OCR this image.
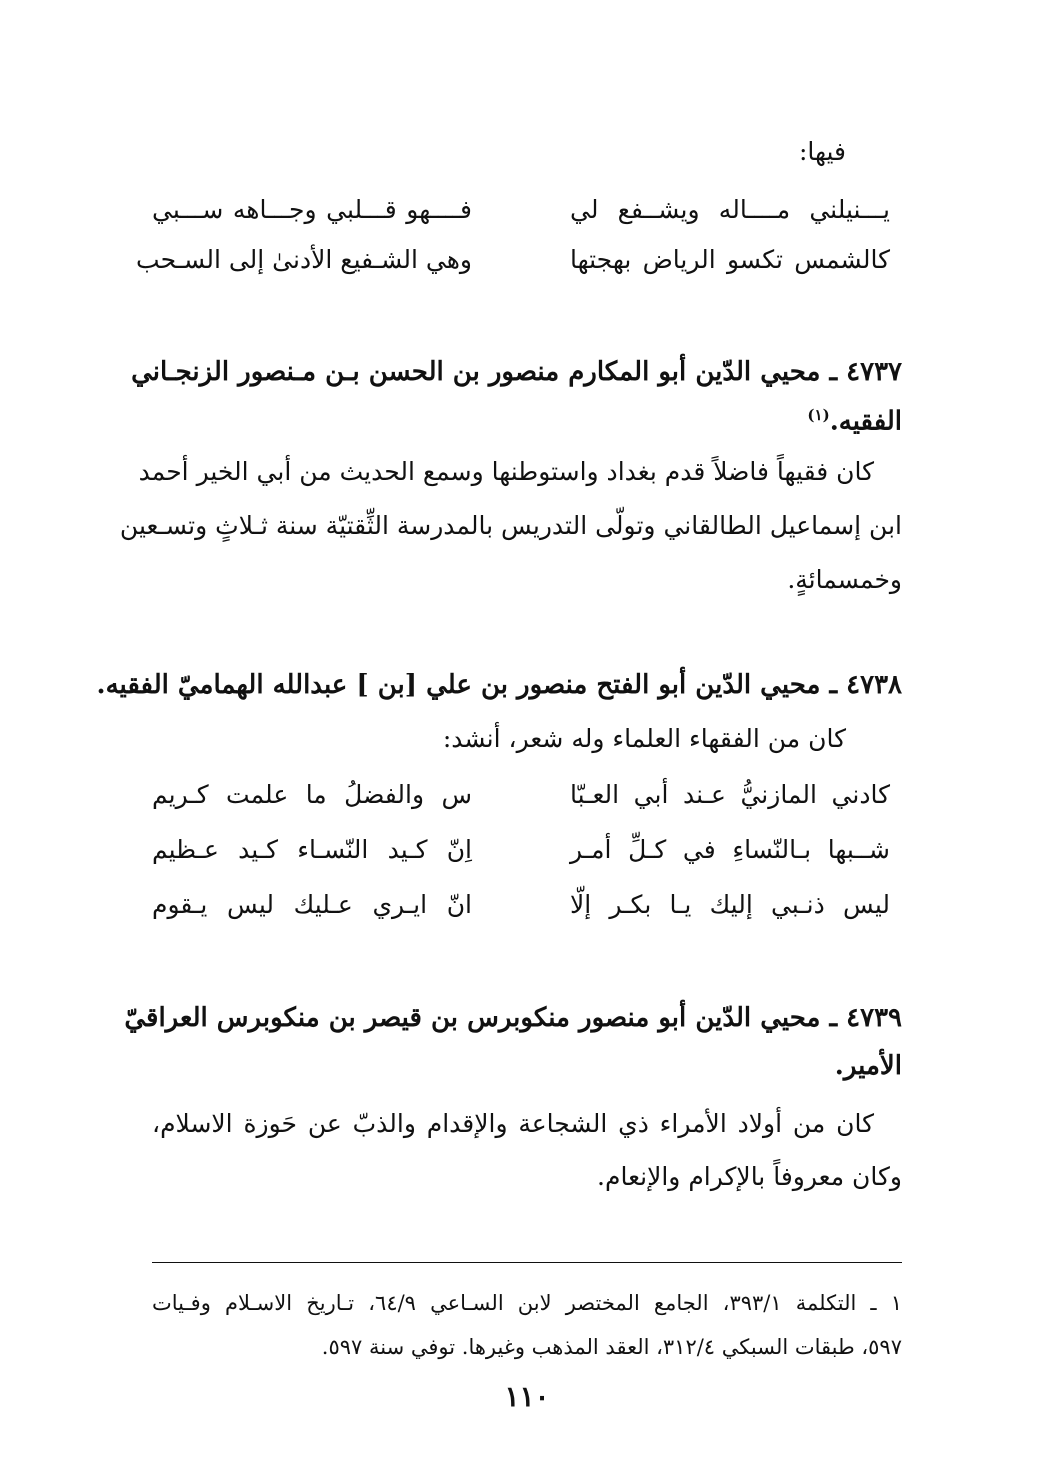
فيها:
يـــنيلني مــــاله ويشــفع لي
فــــهو قـــلبي وجـــاهه ســـبي
كالشمس تكسو الرياض بهجتها
وهي الشـفيع الأدنىٰ إلى السـحب
٤٧٣٧ ـ محيي الدّين أبو المكارم منصور بن الحسن بـن مـنصور الزنجـاني
الفقيه.$^{(١)}$
كان فقيهاً فاضلاً قدم بغداد واستوطنها وسمع الحديث من أبي الخير أحمد
ابن إسماعيل الطالقاني وتولّى التدريس بالمدرسة الثِّقتيّة سنة ثـلاثٍ وتسـعين
وخمسمائةٍ.
٤٧٣٨ ـ محيي الدّين أبو الفتح منصور بن علي [بن ] عبدالله الهماميّ الفقيه.
كان من الفقهاء العلماء وله شعر، أنشد:
كادني المازنيُّ عـند أبي العـبّا
س والفضلُ ما علمت كـريم
شــبها بـالنّساءِ في كـلِّ أمـر
اِنّ كـيد النّسـاء كـيد عـظيم
ليس ذنـبي إليك يـا بكـر إلّا
انّ ايـري عـليك ليس يـقوم
٤٧٣٩ ـ محيي الدّين أبو منصور منكوبرس بن قيصر بن منكوبرس العراقيّ
الأمير.
كان من أولاد الأمراء ذي الشجاعة والإقدام والذبّ عن حَوزة الاسلام،
وكان معروفاً بالإكرام والإنعام.
١ ـ التكلمة ٣٩٣/١، الجامع المختصر لابن السـاعي ٦٤/٩، تـاريخ الاسـلام وفـيات
٥٩٧، طبقات السبكي ٣١٢/٤، العقد المذهب وغيرها. توفي سنة ٥٩٧.
١١٠
